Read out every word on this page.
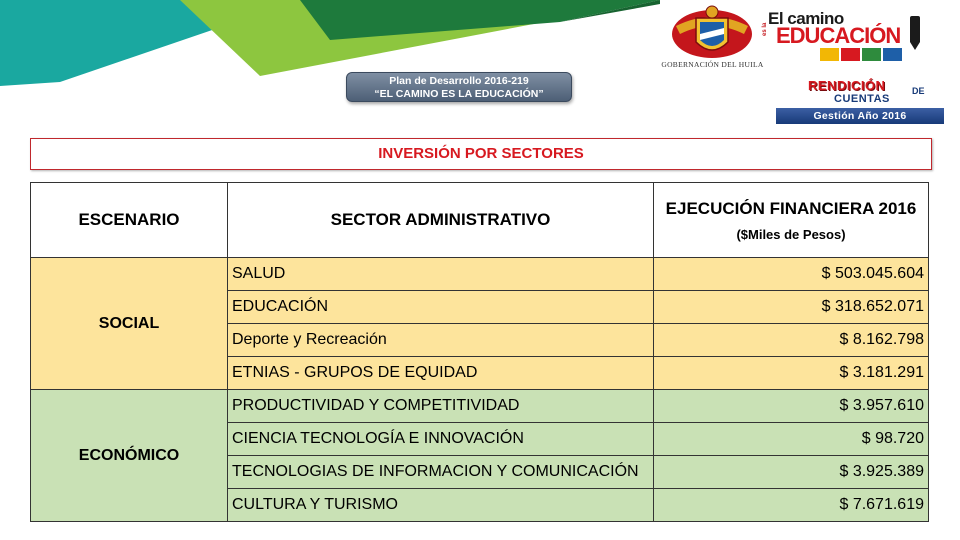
Plan de Desarrollo 2016-219
“EL CAMINO ES LA EDUCACIÓN”
GOBERNACIÓN DEL HUILA
El camino
es la EDUCACIÓN
RENDICIÓN	DE
CUENTAS
Gestión Año 2016
INVERSIÓN POR SECTORES
ESCENARIO	SECTOR ADMINISTRATIVO	EJECUCIÓN FINANCIERA 2016
($Miles de Pesos)

SOCIAL	SALUD	$ 503.045.604
	EDUCACIÓN	$ 318.652.071
	Deporte y Recreación	$ 8.162.798
	ETNIAS - GRUPOS DE EQUIDAD	$ 3.181.291
ECONÓMICO	PRODUCTIVIDAD Y COMPETITIVIDAD	$ 3.957.610
	CIENCIA TECNOLOGÍA E INNOVACIÓN	$ 98.720
	TECNOLOGIAS DE INFORMACION Y COMUNICACIÓN	$ 3.925.389
	CULTURA Y TURISMO	$ 7.671.619
